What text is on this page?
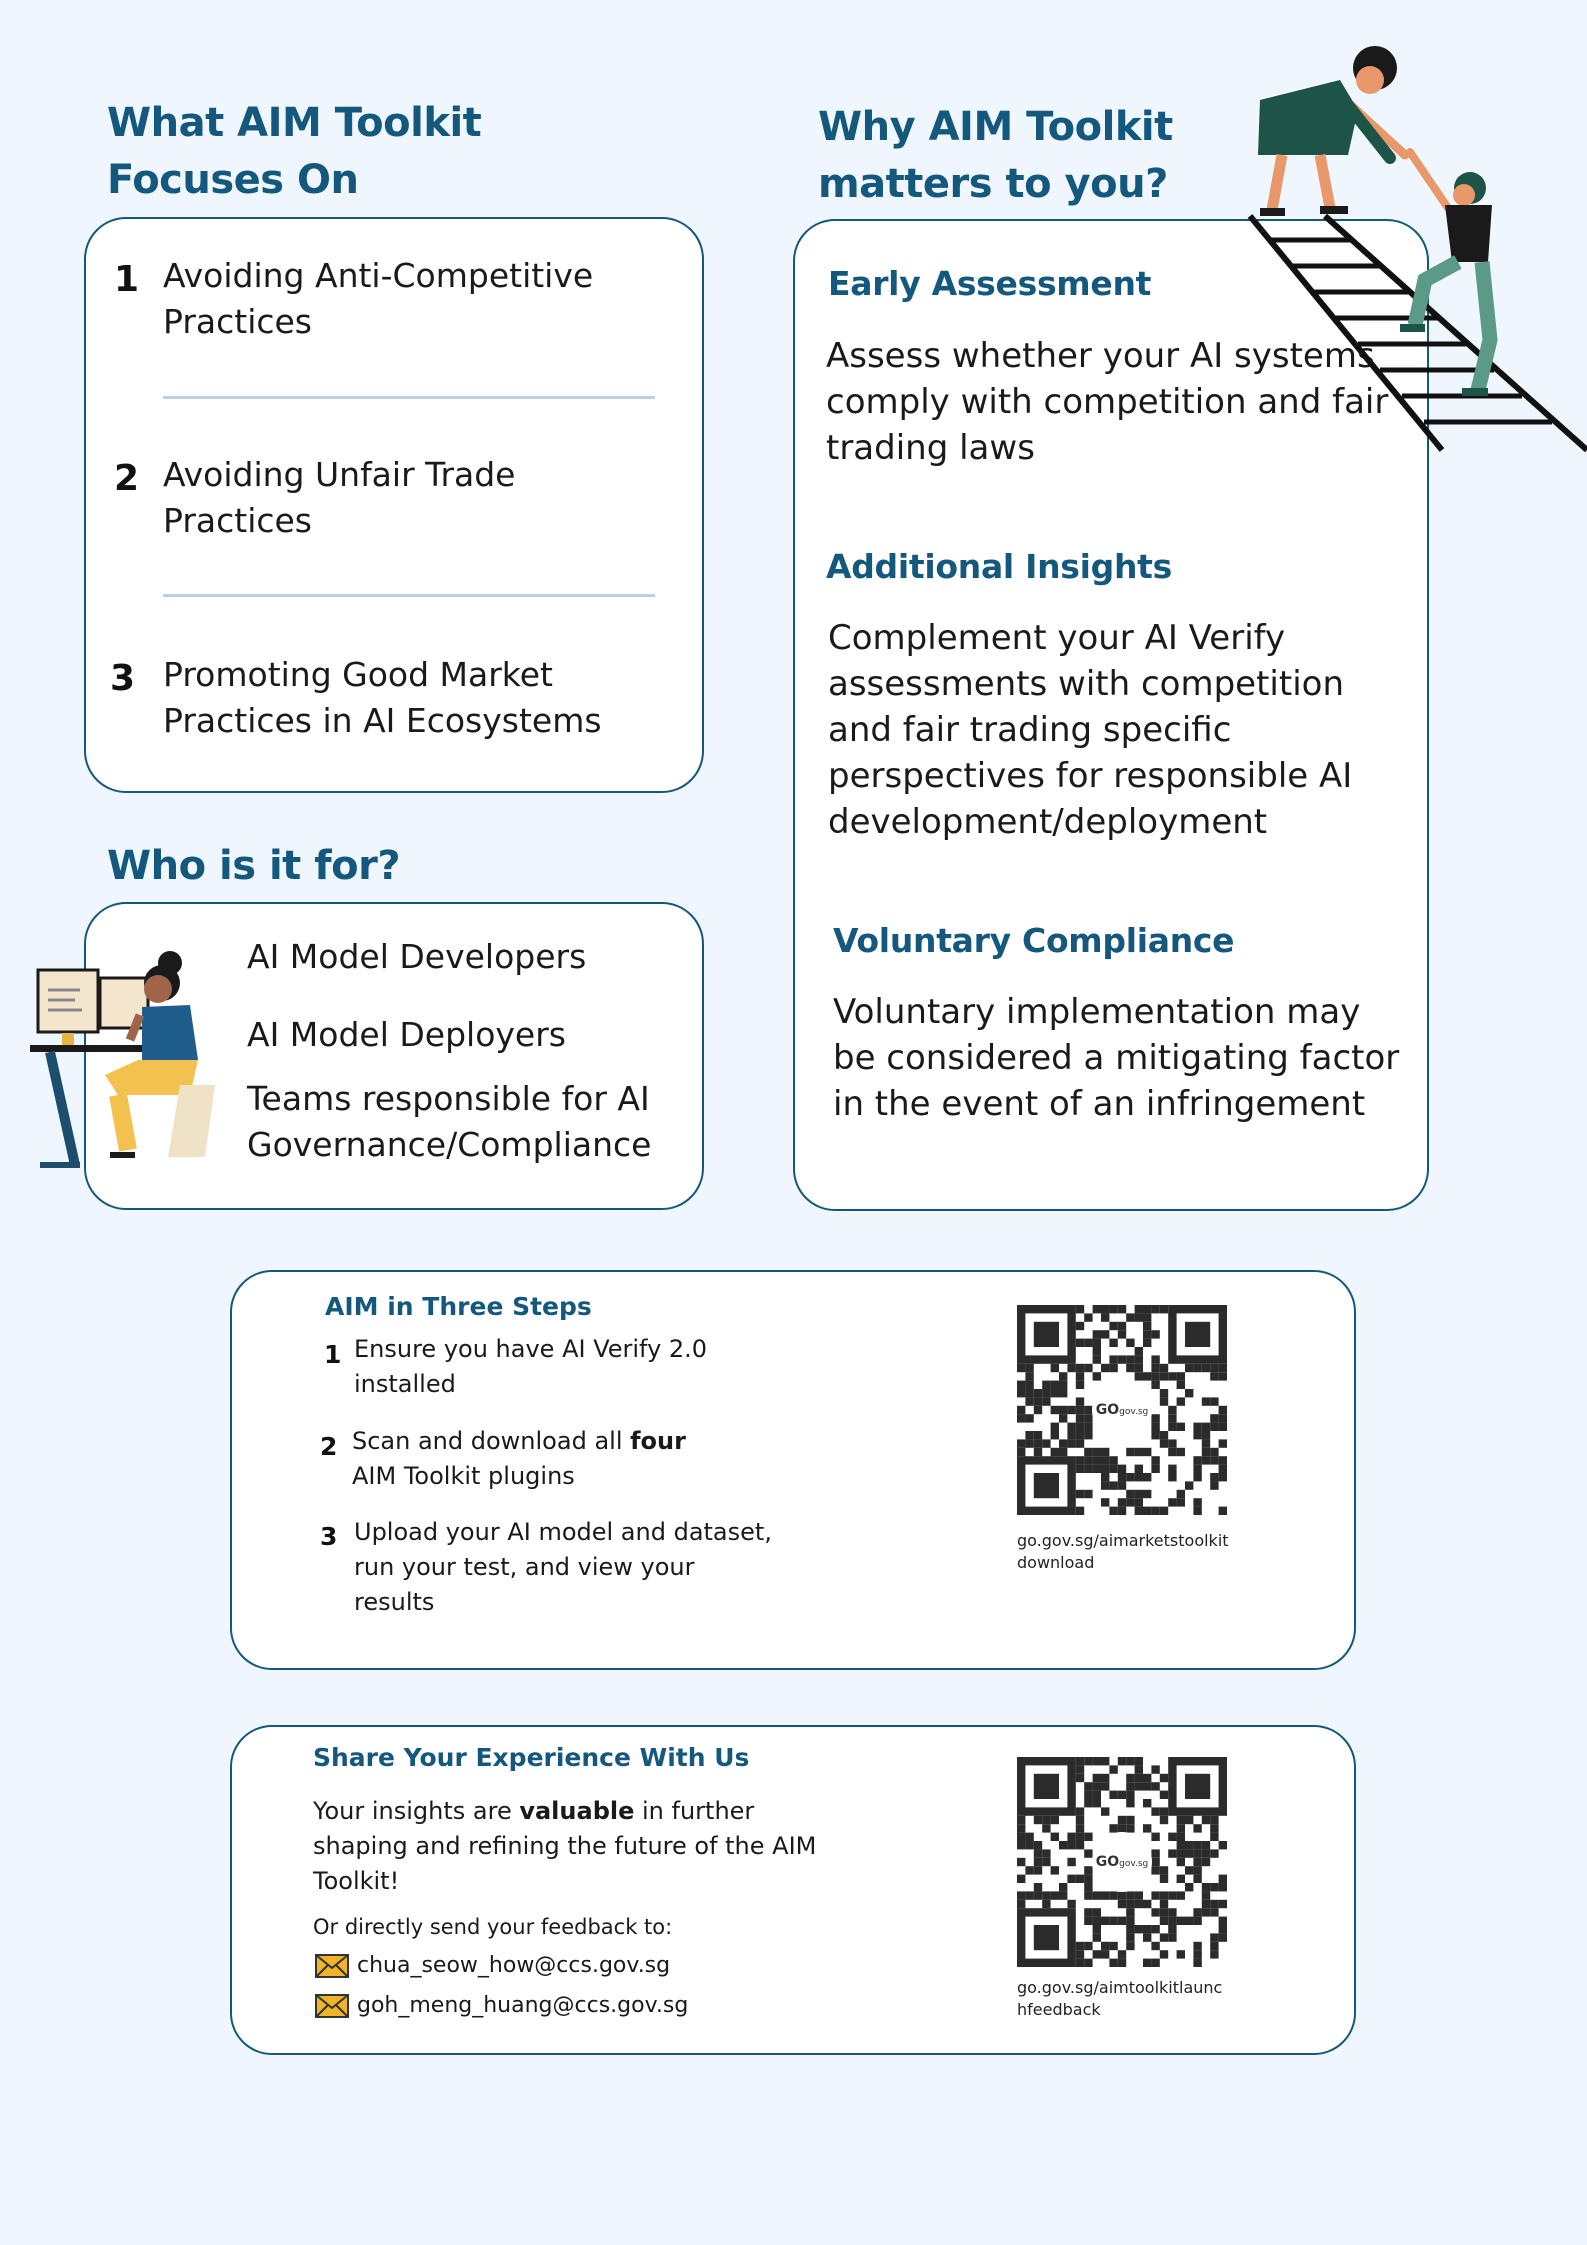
What AIM Toolkit
Focuses On
1 Avoiding Anti-Competitive
Practices
2 Avoiding Unfair Trade
Practices
3 Promoting Good Market
Practices in AI Ecosystems
Why AIM Toolkit
matters to you?
Early Assessment
Assess whether your AI systems
comply with competition and fair
trading laws
Additional Insights
Complement your AI Verify
assessments with competition
and fair trading specific
perspectives for responsible AI
development/deployment
Voluntary Compliance
Voluntary implementation may
be considered a mitigating factor
in the event of an infringement
Who is it for?
AI Model Developers
AI Model Deployers
Teams responsible for AI
Governance/Compliance
AIM in Three Steps
1 Ensure you have AI Verify 2.0
installed
2 Scan and download all four
AIM Toolkit plugins
3 Upload your AI model and dataset,
run your test, and view your
results
GOgov.sg
go.gov.sg/aimarketstoolkitdownload
Share Your Experience With Us
Your insights are valuable in further
shaping and refining the future of the AIM
Toolkit!
Or directly send your feedback to:
chua_seow_how@ccs.gov.sg
goh_meng_huang@ccs.gov.sg
GOgov.sg
go.gov.sg/aimtoolkitlaunchfeedback
